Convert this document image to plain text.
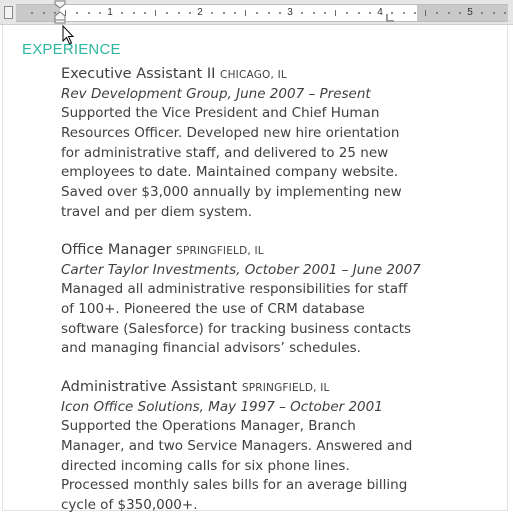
1	2	3	4	5
EXPERIENCE
Executive Assistant II CHICAGO, IL
Rev Development Group, June 2007 – Present
Supported the Vice President and Chief Human Resources Officer. Developed new hire orientation for administrative staff, and delivered to 25 new employees to date. Maintained company website. Saved over $3,000 annually by implementing new travel and per diem system.
Office Manager SPRINGFIELD, IL
Carter Taylor Investments, October 2001 – June 2007
Managed all administrative responsibilities for staff of 100+. Pioneered the use of CRM database software (Salesforce) for tracking business contacts and managing financial advisors’ schedules.
Administrative Assistant SPRINGFIELD, IL
Icon Office Solutions, May 1997 – October 2001
Supported the Operations Manager, Branch Manager, and two Service Managers. Answered and directed incoming calls for six phone lines. Processed monthly sales bills for an average billing cycle of $350,000+.
